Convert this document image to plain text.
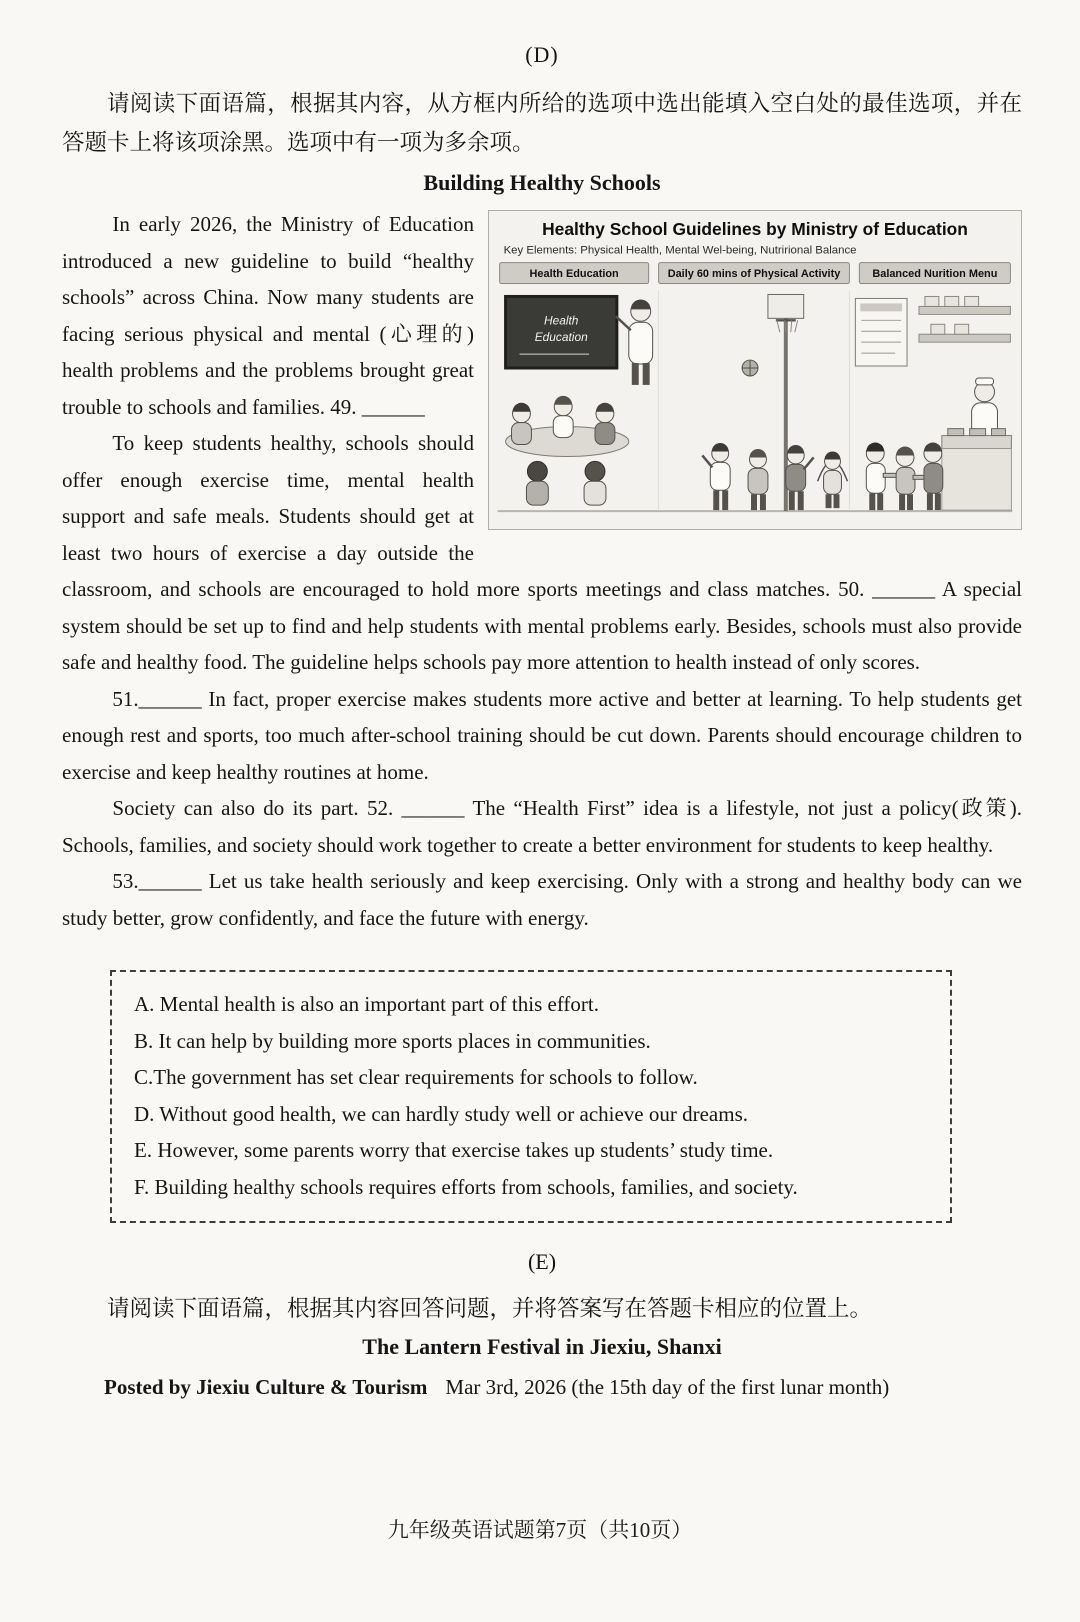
(D)

请阅读下面语篇，根据其内容，从方框内所给的选项中选出能填入空白处的最佳选项，并在答题卡上将该项涂黑。选项中有一项为多余项。

Building Healthy Schools
Healthy School Guidelines by Ministry of Education
Key Elements: Physical Health, Mental Wel-being, Nutrirional Balance
Health Education	Daily 60 mins of Physical Activity	Balanced Nurition Menu
Health
Education

In early 2026, the Ministry of Education introduced a new guideline to build “healthy schools” across China. Now many students are facing serious physical and mental (心理的) health problems and the problems brought great trouble to schools and families. 49. ______

To keep students healthy, schools should offer enough exercise time, mental health support and safe meals. Students should get at least two hours of exercise a day outside the classroom, and schools are encouraged to hold more sports meetings and class matches. 50. ______ A special system should be set up to find and help students with mental problems early. Besides, schools must also provide safe and healthy food. The guideline helps schools pay more attention to health instead of only scores.

51.______ In fact, proper exercise makes students more active and better at learning. To help students get enough rest and sports, too much after-school training should be cut down. Parents should encourage children to exercise and keep healthy routines at home.

Society can also do its part. 52. ______ The “Health First” idea is a lifestyle, not just a policy(政策). Schools, families, and society should work together to create a better environment for students to keep healthy.

53.______ Let us take health seriously and keep exercising. Only with a strong and healthy body can we study better, grow confidently, and face the future with energy.

A. Mental health is also an important part of this effort.

B. It can help by building more sports places in communities.

C.The government has set clear requirements for schools to follow.

D. Without good health, we can hardly study well or achieve our dreams.

E. However, some parents worry that exercise takes up students’ study time.

F. Building healthy schools requires efforts from schools, families, and society.

(E)

请阅读下面语篇，根据其内容回答问题，并将答案写在答题卡相应的位置上。

The Lantern Festival in Jiexiu, Shanxi

Posted by Jiexiu Culture & Tourism Mar 3rd, 2026 (the 15th day of the first lunar month)

九年级英语试题第7页（共10页）
